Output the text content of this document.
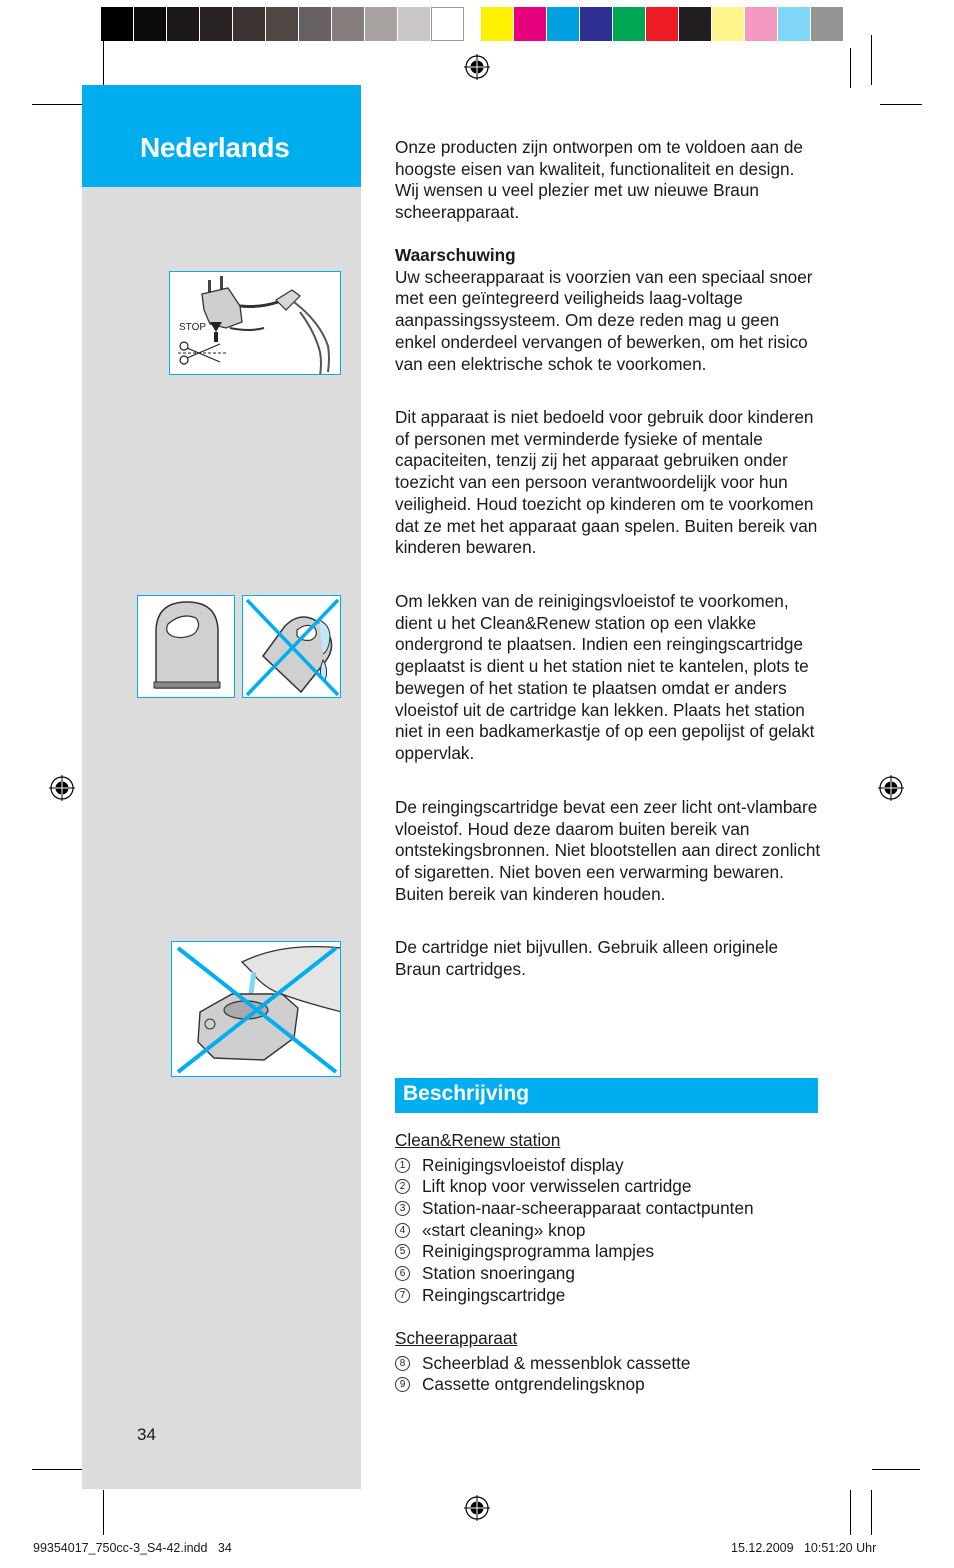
Nederlands
STOP
34

Onze producten zijn ontworpen om te voldoen aan de hoogste eisen van kwaliteit, functionaliteit en design. Wij wensen u veel plezier met uw nieuwe Braun scheerapparaat.

Waarschuwing

Uw scheerapparaat is voorzien van een speciaal snoer met een geïntegreerd veiligheids laag-voltage aanpassingssysteem. Om deze reden mag u geen enkel onderdeel vervangen of bewerken, om het risico van een elektrische schok te voorkomen.

Dit apparaat is niet bedoeld voor gebruik door kinderen of personen met verminderde fysieke of mentale capaciteiten, tenzij zij het apparaat gebruiken onder toezicht van een persoon verantwoordelijk voor hun veiligheid. Houd toezicht op kinderen om te voorkomen dat ze met het apparaat gaan spelen. Buiten bereik van kinderen bewaren.

Om lekken van de reinigingsvloeistof te voorkomen, dient u het Clean&Renew station op een vlakke ondergrond te plaatsen. Indien een reingingscartridge geplaatst is dient u het station niet te kantelen, plots te bewegen of het station te plaatsen omdat er anders vloeistof uit de cartridge kan lekken. Plaats het station niet in een badkamerkastje of op een gepolijst of gelakt oppervlak.

De reingingscartridge bevat een zeer licht ont-vlambare vloeistof. Houd deze daarom buiten bereik van ontstekingsbronnen. Niet blootstellen aan direct zonlicht of sigaretten. Niet boven een verwarming bewaren.

Buiten bereik van kinderen houden.

De cartridge niet bijvullen. Gebruik alleen originele Braun cartridges.

Beschrijving
Clean&Renew station
1 Reinigingsvloeistof display
2 Lift knop voor verwisselen cartridge
3 Station-naar-scheerapparaat contactpunten
4 «start cleaning» knop
5 Reinigingsprogramma lampjes
6 Station snoeringang
7 Reingingscartridge
Scheerapparaat
8 Scheerblad & messenblok cassette
9 Cassette ontgrendelingsknop
99354017_750cc-3_S4-42.indd   34	15.12.2009   10:51:20 Uhr
